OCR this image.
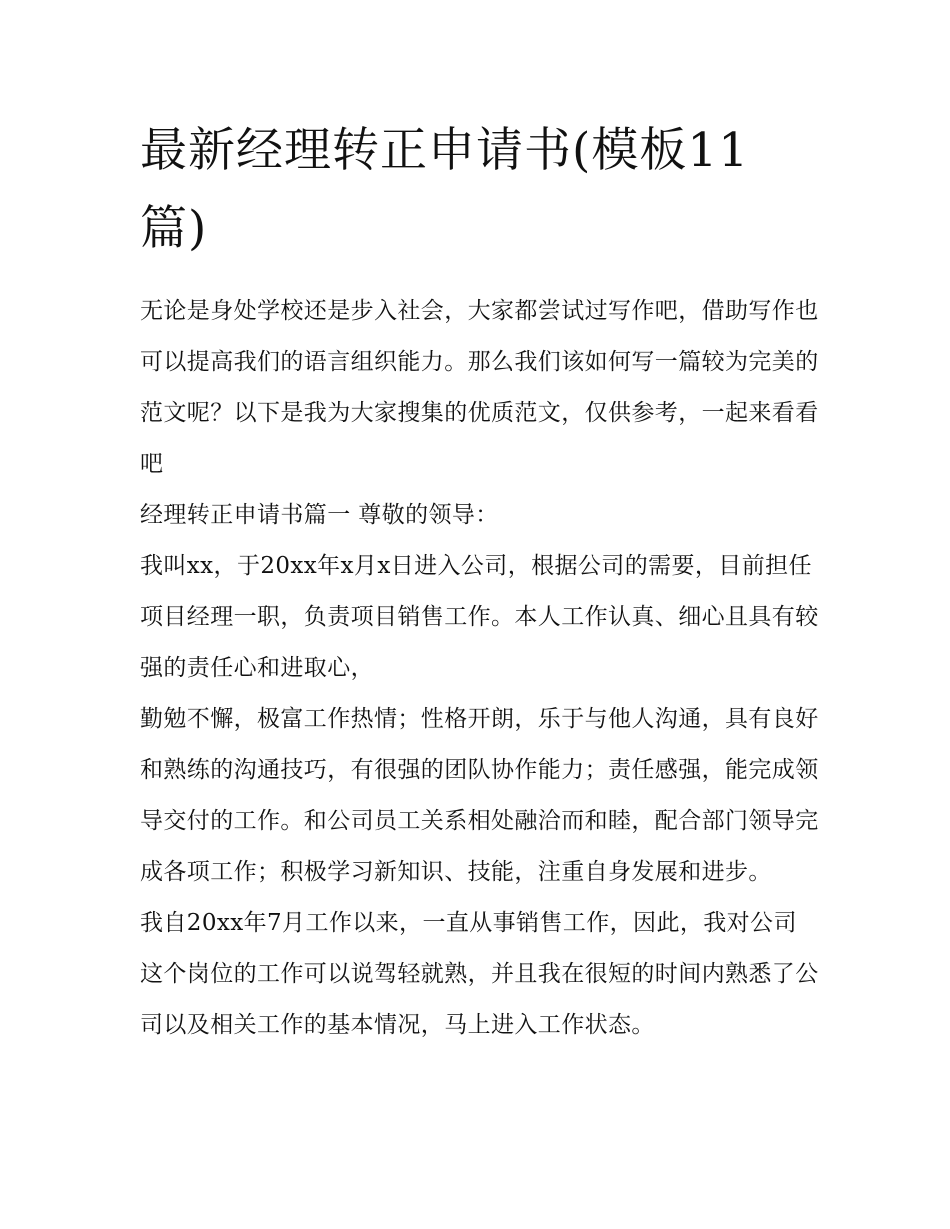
最新经理转正申请书(模板11篇)

无论是身处学校还是步入社会，大家都尝试过写作吧，借助写作也可以提高我们的语言组织能力。那么我们该如何写一篇较为完美的范文呢？以下是我为大家搜集的优质范文，仅供参考，一起来看看吧

经理转正申请书篇一 尊敬的领导：

我叫xx，于20xx年x月x日进入公司，根据公司的需要，目前担任项目经理一职，负责项目销售工作。本人工作认真、细心且具有较强的责任心和进取心，

勤勉不懈，极富工作热情；性格开朗，乐于与他人沟通，具有良好和熟练的沟通技巧，有很强的团队协作能力；责任感强，能完成领导交付的工作。和公司员工关系相处融洽而和睦，配合部门领导完成各项工作；积极学习新知识、技能，注重自身发展和进步。

我自20xx年7月工作以来，一直从事销售工作，因此，我对公司这个岗位的工作可以说驾轻就熟，并且我在很短的时间内熟悉了公司以及相关工作的基本情况，马上进入工作状态。
